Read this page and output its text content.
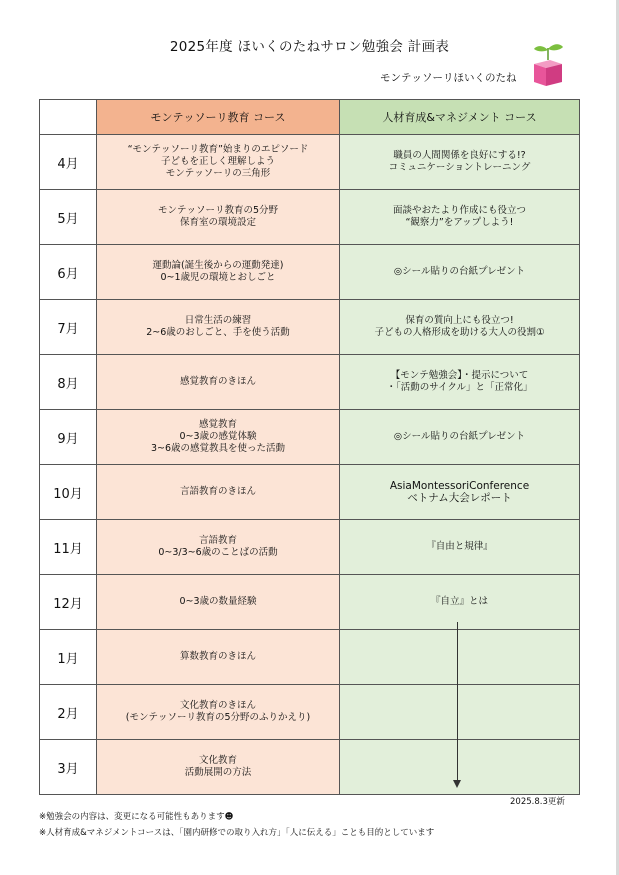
2025年度 ほいくのたねサロン勉強会 計画表
モンテッソーリほいくのたね
	モンテッソーリ教育 コース	人材育成&マネジメント コース
4月	“モンテッソーリ教育”始まりのエピソード
子どもを正しく理解しよう
モンテッソーリの三角形	職員の人間関係を良好にする!?
コミュニケーショントレーニング

5月	モンテッソーリ教育の5分野
保育室の環境設定	面談やおたより作成にも役立つ
“観察力”をアップしよう!

6月	運動論(誕生後からの運動発達)
0~1歳児の環境とおしごと	◎シール貼りの台紙プレゼント

7月	日常生活の練習
2~6歳のおしごと、手を使う活動	保育の質向上にも役立つ!
子どもの人格形成を助ける大人の役割①

8月	感覚教育のきほん	【モンテ勉強会】・提示について
・「活動のサイクル」と「正常化」

9月	感覚教育
0~3歳の感覚体験
3~6歳の感覚教具を使った活動	◎シール貼りの台紙プレゼント

10月	言語教育のきほん	AsiaMontessoriConference
ベトナム大会レポート

11月	言語教育
0~3/3~6歳のことばの活動	『自由と規律』

12月	0~3歳の数量経験	『自立』とは

1月	算数教育のきほん	

2月	文化教育のきほん
(モンテッソーリ教育の5分野のふりかえり)	

3月	文化教育
活動展開の方法	

2025.8.3更新
※勉強会の内容は、変更になる可能性もあります☻
※人材育成&マネジメントコースは、「園内研修での取り入れ方」「人に伝える」ことも目的としています
